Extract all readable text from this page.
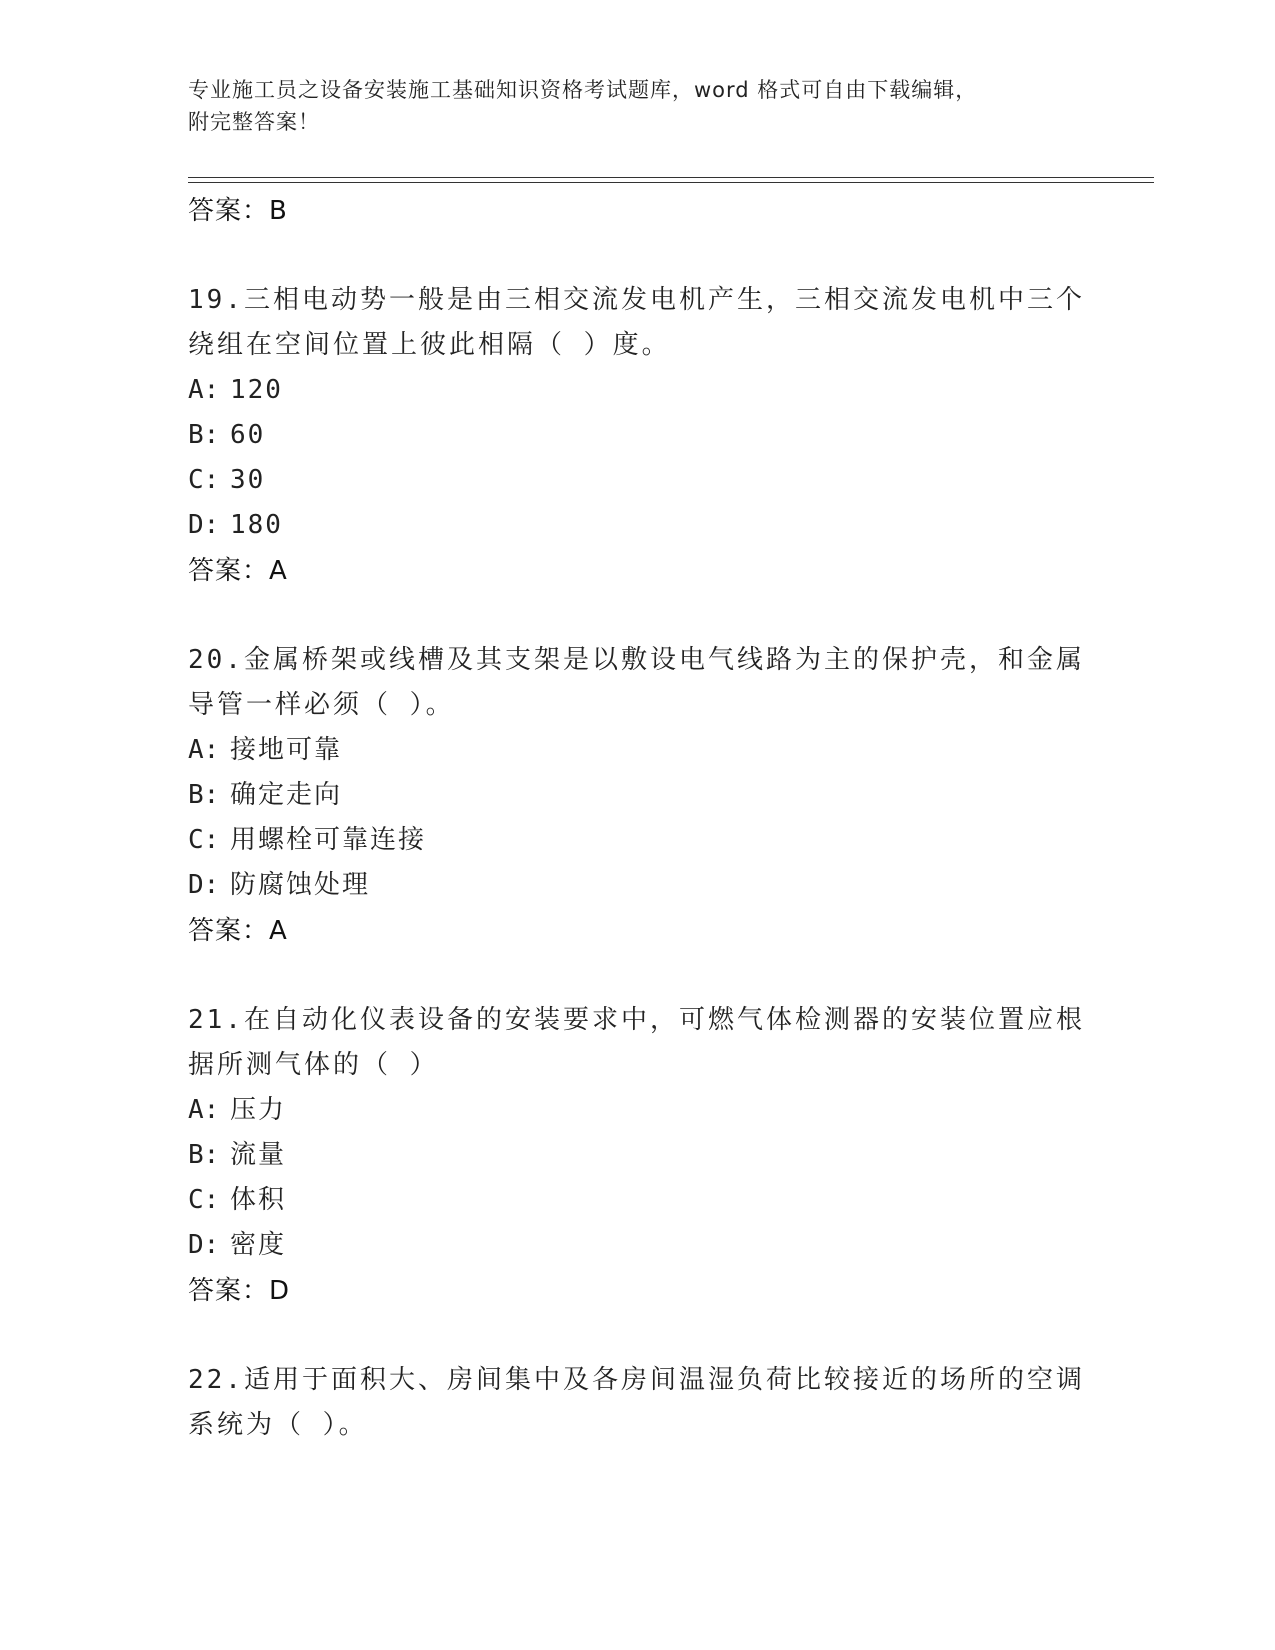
专业施工员之设备安装施工基础知识资格考试题库，word 格式可自由下载编辑，
附完整答案！
答案：B
19.三相电动势一般是由三相交流发电机产生，三相交流发电机中三个
绕组在空间位置上彼此相隔（ ）度。
A: 120
B: 60
C: 30
D: 180
答案：A
20.金属桥架或线槽及其支架是以敷设电气线路为主的保护壳，和金属
导管一样必须（ ）。
A: 接地可靠
B: 确定走向
C: 用螺栓可靠连接
D: 防腐蚀处理
答案：A
21.在自动化仪表设备的安装要求中，可燃气体检测器的安装位置应根
据所测气体的（ ）
A: 压力
B: 流量
C: 体积
D: 密度
答案：D
22.适用于面积大、房间集中及各房间温湿负荷比较接近的场所的空调
系统为（ ）。
